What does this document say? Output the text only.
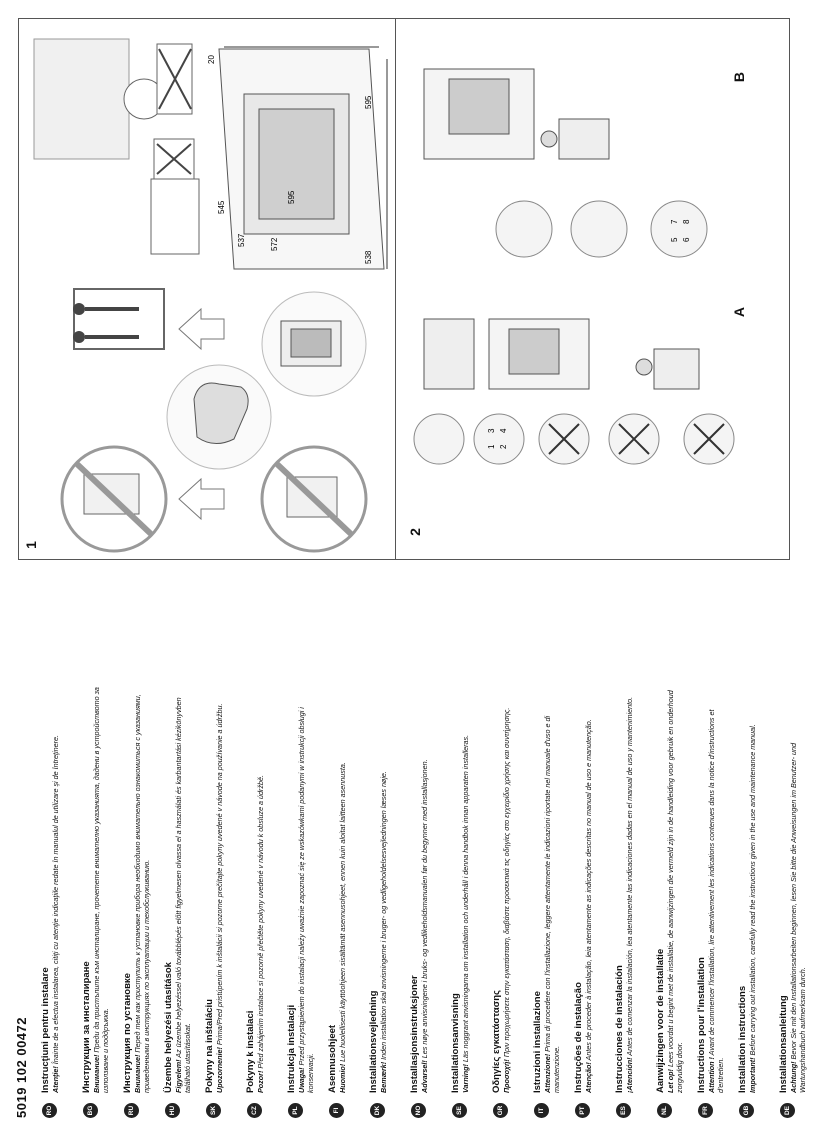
1
2
A
B
537	572
595
545
538
595
20
1 2
3 4
5 6
7 8
5019 102 00472	RO
Instrucţiuni pentru instalare Atenţie! Înainte de a efectua instalarea, citiţi cu atenţie indicaţiile redate în manualul de utilizare şi de întreţinere.
BG
Инструкции за инсталиране Внимание! Преди да пристъпите към инсталиране, прочетете внимателно указанията, дадени в устройството за използване и поддръжка.
RU
Инструкция по установке Внимание! Перед тем как приступить к установке прибора необходимо внимательно ознакомиться с указаниями, приведенными в инструкциях по эксплуатации и техобслуживанию.
HU
Üzembe helyezési utasítások Figyelem! Az üzembe helyezéssel való továbblépés előtt figyelmesen olvassa el a használati és karbantartási kézikönyvben található utasításokat.
SK
Pokyny na inštaláciu Upozornenie! Prima/Pred pristúpením k inštalácii si pozorne prečítajte pokyny uvedené v návode na používanie a údržbu.
CZ
Pokyny k instalaci Pozor! Před zahájením instalace si pozorně přečtěte pokyny uvedené v návodu k obsluze a údržbě.
PL
Instrukcja instalacji Uwaga! Przed przystąpieniem do instalacji należy uważnie zapoznać się ze wskazówkami podanymi w instrukcji obsługi i konserwacji.
FI
Asennusohjeet Huomio! Lue huolellisesti käyttöohjeen sisältämät asennusohjeet, ennen kuin aloitat laitteen asennusta.
DK
Installationsvejledning Bemærk! Inden installation skal anvisningerne i bruger- og vedligeholdelsesvejledningen læses nøje.
NO
Installasjonsinstruksjoner Advarsel! Les nøye anvisningene i bruks- og vedlikeholdsmanualen før du begynner med installasjonen.
SE
Installationsanvisning Varning! Läs noggrant anvisningarna om installation och underhåll i denna handbok innan apparaten installeras.
GR
Οδηγίες εγκατάστασης Προσοχή! Πριν προχωρήσετε στην εγκατάσταση, διαβάστε προσεκτικά τις οδηγίες στο εγχειρίδιο χρήσης και συντήρησης.
IT
Istruzioni installazione Attenzione! Prima di procedere con l'installazione, leggere attentamente le indicazioni riportate nel manuale d'uso e di manutenzione.
PT
Instruções de instalação Atenção! Antes de proceder à instalação, leia atentamente as indicações descritas no manual de uso e manutenção.
ES
Instrucciones de instalación ¡Atención! Antes de comenzar la instalación, lea atentamente las indicaciones dadas en el manual de uso y mantenimiento.
NL
Aanwijzingen voor de installatie Let op! Lees voordat u begint met de installatie, de aanwijzingen die vermeld zijn in de handleiding voor gebruik en onderhoud zorgvuldig door.
FR
Instructions pour l'installation Attention ! Avant de commencer l'installation, lire attentivement les indications contenues dans la notice d'instructions et d'entretien.
GB
Installation instructions Important! Before carrying out installation, carefully read the instructions given in the use and maintenance manual.
DE
Installationsanleitung Achtung! Bevor Sie mit den Installationsarbeiten beginnen, lesen Sie bitte die Anweisungen im Benutzer- und Wartungshandbuch aufmerksam durch.
